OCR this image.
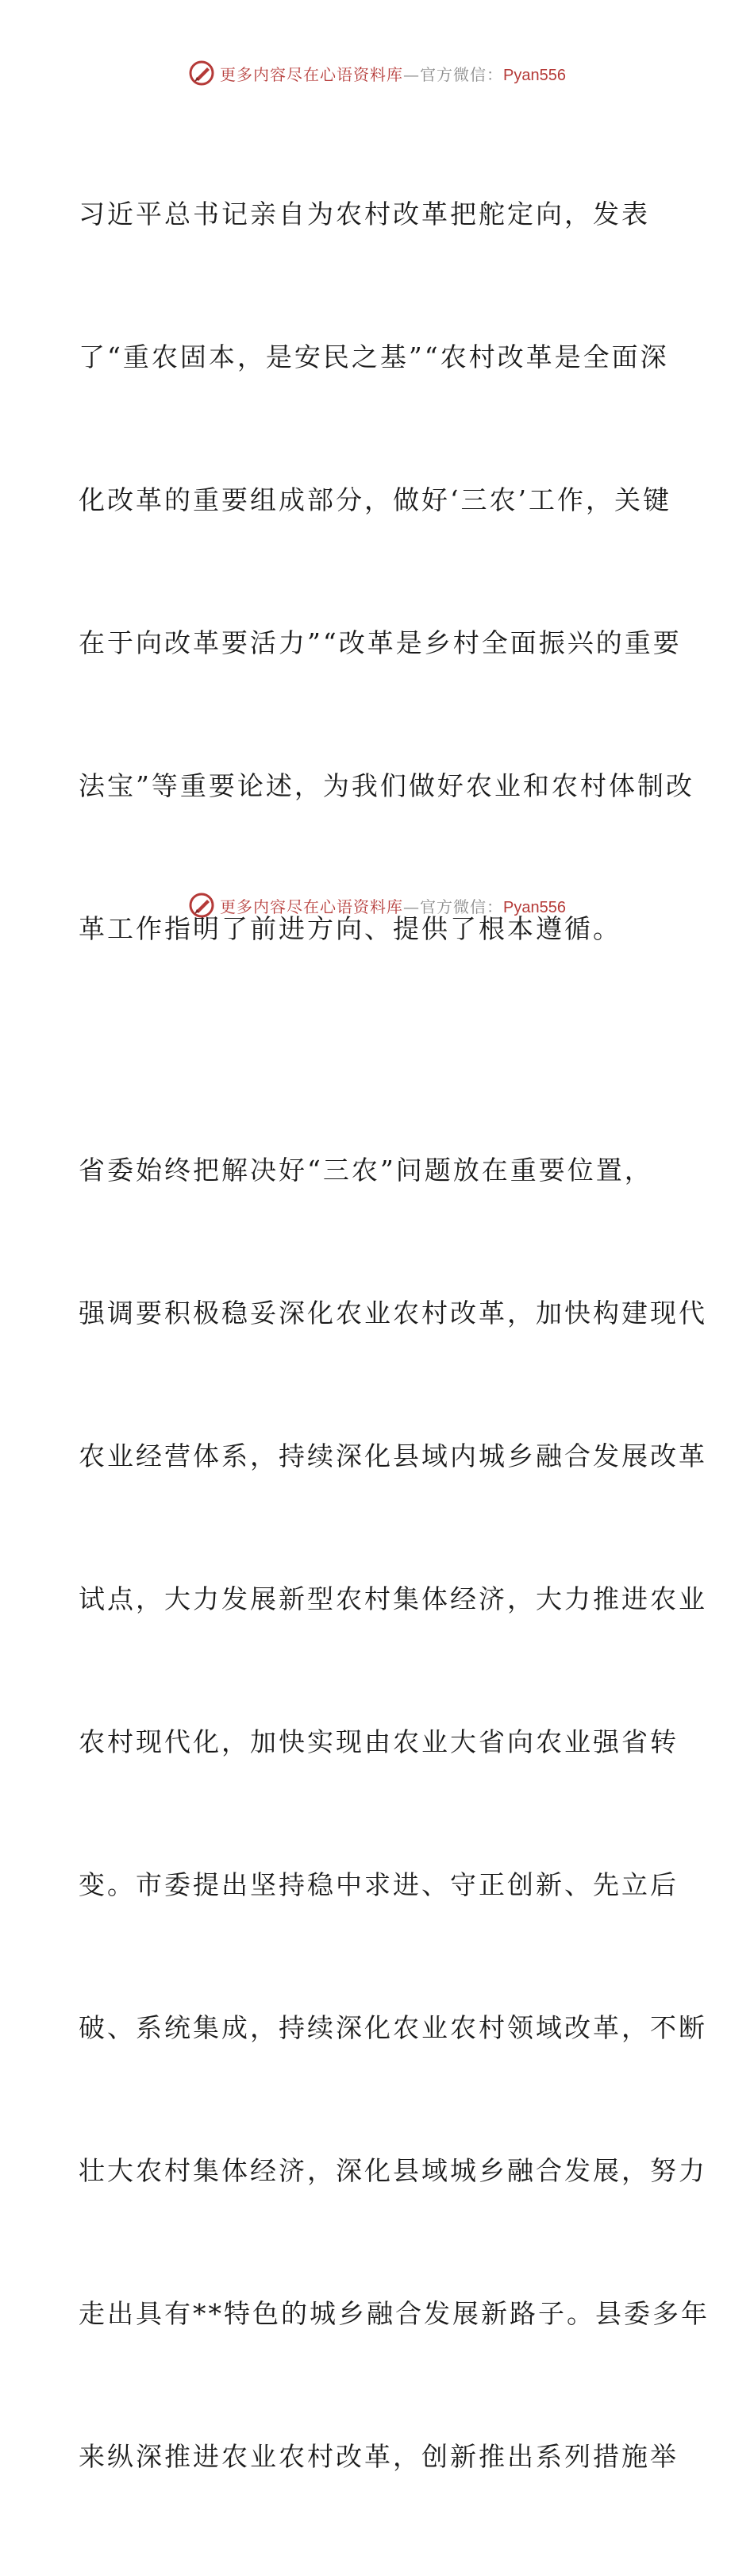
更多内容尽在心语资料库—官方微信：Pyan556

习近平总书记亲自为农村改革把舵定向，发表

了“重农固本，是安民之基”“农村改革是全面深

化改革的重要组成部分，做好‘三农’工作，关键

在于向改革要活力”“改革是乡村全面振兴的重要

法宝”等重要论述，为我们做好农业和农村体制改

革工作指明了前进方向、提供了根本遵循。

省委始终把解决好“三农”问题放在重要位置，

强调要积极稳妥深化农业农村改革，加快构建现代

农业经营体系，持续深化县域内城乡融合发展改革

试点，大力发展新型农村集体经济，大力推进农业

农村现代化，加快实现由农业大省向农业强省转

变。市委提出坚持稳中求进、守正创新、先立后

破、系统集成，持续深化农业农村领域改革，不断

壮大农村集体经济，深化县域城乡融合发展，努力

走出具有**特色的城乡融合发展新路子。县委多年

来纵深推进农业农村改革，创新推出系列措施举

更多内容尽在心语资料库—官方微信：Pyan556
